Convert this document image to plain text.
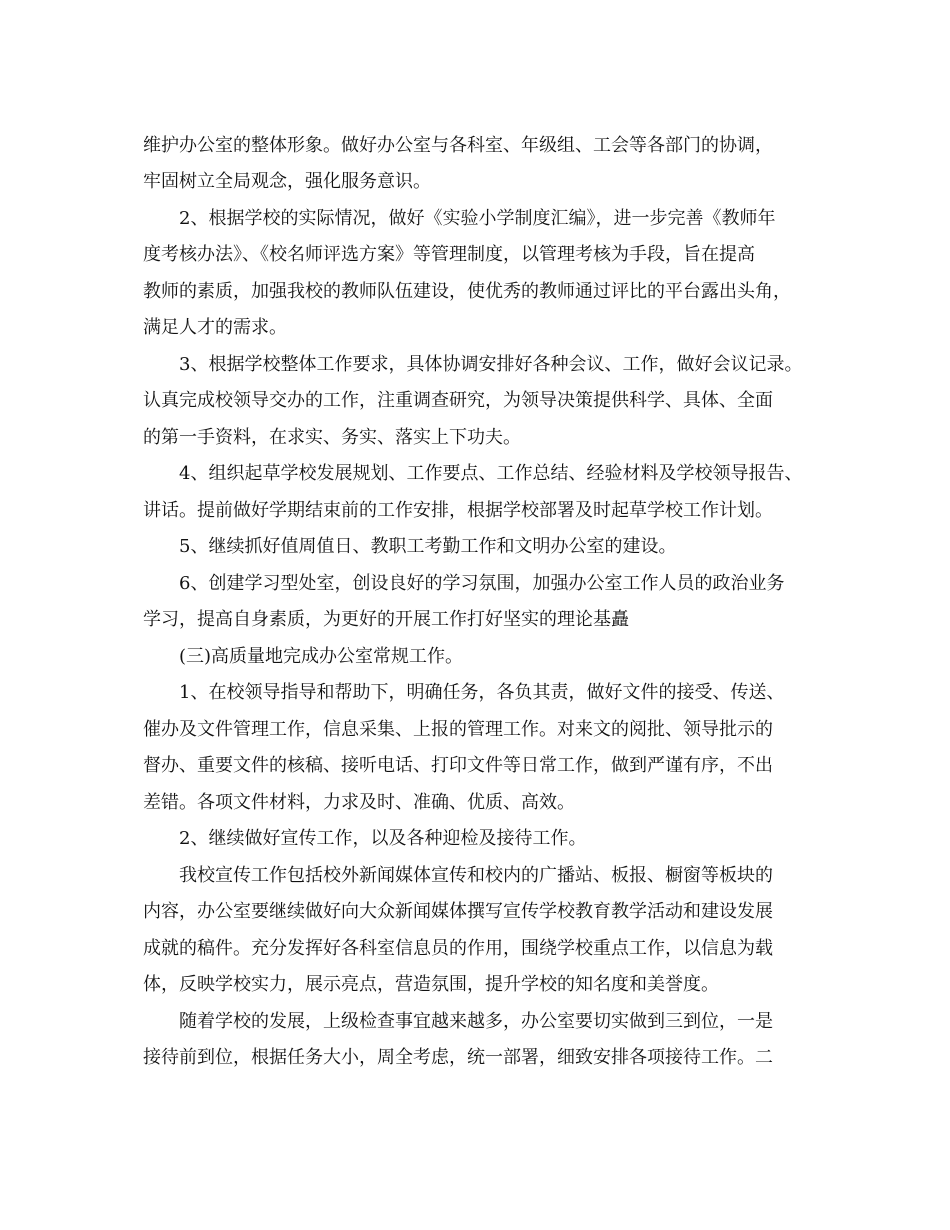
维护办公室的整体形象。做好办公室与各科室、年级组、工会等各部门的协调，
牢固树立全局观念，强化服务意识。
　　2、根据学校的实际情况，做好《实验小学制度汇编》，进一步完善《教师年
度考核办法》、《校名师评选方案》等管理制度，以管理考核为手段，旨在提高
教师的素质，加强我校的教师队伍建设，使优秀的教师通过评比的平台露出头角，
满足人才的需求。
　　3、根据学校整体工作要求，具体协调安排好各种会议、工作，做好会议记录。
认真完成校领导交办的工作，注重调查研究，为领导决策提供科学、具体、全面
的第一手资料，在求实、务实、落实上下功夫。
　　4、组织起草学校发展规划、工作要点、工作总结、经验材料及学校领导报告、
讲话。提前做好学期结束前的工作安排，根据学校部署及时起草学校工作计划。
　　5、继续抓好值周值日、教职工考勤工作和文明办公室的建设。
　　6、创建学习型处室，创设良好的学习氛围，加强办公室工作人员的政治业务
学习，提高自身素质，为更好的开展工作打好坚实的理论基矗
　　(三)高质量地完成办公室常规工作。
　　1、在校领导指导和帮助下，明确任务，各负其责，做好文件的接受、传送、
催办及文件管理工作，信息采集、上报的管理工作。对来文的阅批、领导批示的
督办、重要文件的核稿、接听电话、打印文件等日常工作，做到严谨有序，不出
差错。各项文件材料，力求及时、准确、优质、高效。
　　2、继续做好宣传工作，以及各种迎检及接待工作。
　　我校宣传工作包括校外新闻媒体宣传和校内的广播站、板报、橱窗等板块的
内容，办公室要继续做好向大众新闻媒体撰写宣传学校教育教学活动和建设发展
成就的稿件。充分发挥好各科室信息员的作用，围绕学校重点工作，以信息为载
体，反映学校实力，展示亮点，营造氛围，提升学校的知名度和美誉度。
　　随着学校的发展，上级检查事宜越来越多，办公室要切实做到三到位，一是
接待前到位，根据任务大小，周全考虑，统一部署，细致安排各项接待工作。二
